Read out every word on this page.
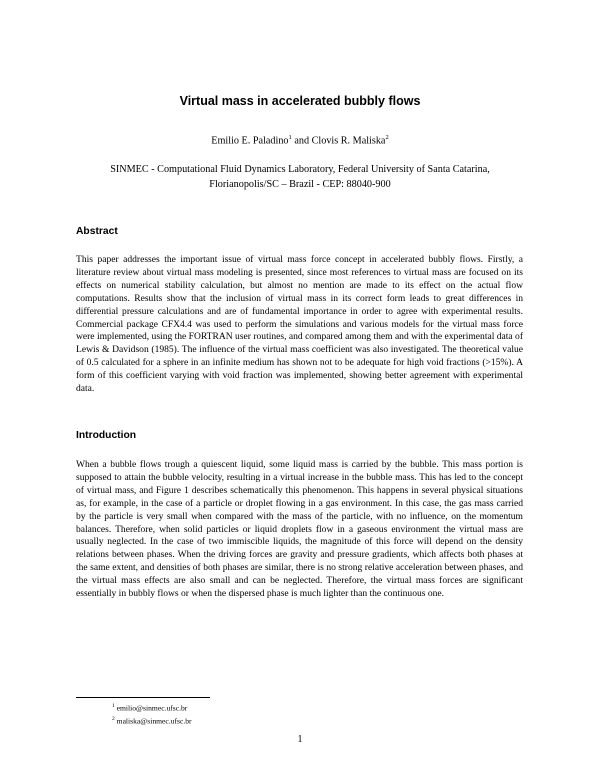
Virtual mass in accelerated bubbly flows
Emilio E. Paladino$^1$ and Clovis R. Maliska$^2$
SINMEC - Computational Fluid Dynamics Laboratory, Federal University of Santa Catarina,
Florianopolis/SC – Brazil - CEP: 88040-900
Abstract
This paper addresses the important issue of virtual mass force concept in accelerated bubbly flows. Firstly, a literature review about virtual mass modeling is presented, since most references to virtual mass are focused on its effects on numerical stability calculation, but almost no mention are made to its effect on the actual flow computations. Results show that the inclusion of virtual mass in its correct form leads to great differences in differential pressure calculations and are of fundamental importance in order to agree with experimental results. Commercial package CFX4.4 was used to perform the simulations and various models for the virtual mass force were implemented, using the FORTRAN user routines, and compared among them and with the experimental data of Lewis & Davidson (1985). The influence of the virtual mass coefficient was also investigated. The theoretical value of 0.5 calculated for a sphere in an infinite medium has shown not to be adequate for high void fractions (>15%). A form of this coefficient varying with void fraction was implemented, showing better agreement with experimental data.
Introduction
When a bubble flows trough a quiescent liquid, some liquid mass is carried by the bubble. This mass portion is supposed to attain the bubble velocity, resulting in a virtual increase in the bubble mass. This has led to the concept of virtual mass, and Figure 1 describes schematically this phenomenon. This happens in several physical situations as, for example, in the case of a particle or droplet flowing in a gas environment. In this case, the gas mass carried by the particle is very small when compared with the mass of the particle, with no influence, on the momentum balances. Therefore, when solid particles or liquid droplets flow in a gaseous environment the virtual mass are usually neglected. In the case of two immiscible liquids, the magnitude of this force will depend on the density relations between phases. When the driving forces are gravity and pressure gradients, which affects both phases at the same extent, and densities of both phases are similar, there is no strong relative acceleration between phases, and the virtual mass effects are also small and can be neglected. Therefore, the virtual mass forces are significant essentially in bubbly flows or when the dispersed phase is much lighter than the continuous one.
$^1$ emilio@sinmec.ufsc.br
$^2$ maliska@sinmec.ufsc.br
1
